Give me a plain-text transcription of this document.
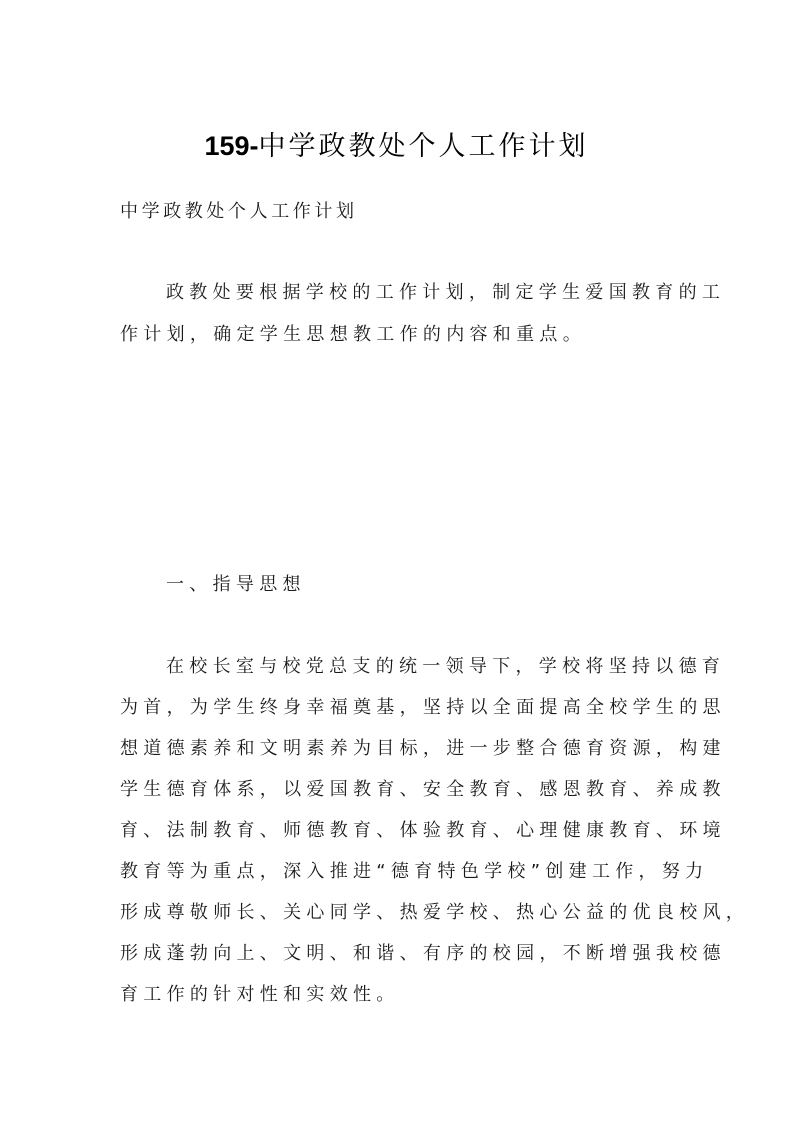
159-中学政教处个人工作计划
中学政教处个人工作计划
政教处要根据学校的工作计划，制定学生爱国教育的工
作计划，确定学生思想教工作的内容和重点。
一、指导思想
在校长室与校党总支的统一领导下，学校将坚持以德育
为首，为学生终身幸福奠基，坚持以全面提高全校学生的思
想道德素养和文明素养为目标，进一步整合德育资源，构建
学生德育体系，以爱国教育、安全教育、感恩教育、养成教
育、法制教育、师德教育、体验教育、心理健康教育、环境
教育等为重点，深入推进“德育特色学校”创建工作，努力
形成尊敬师长、关心同学、热爱学校、热心公益的优良校风，
形成蓬勃向上、文明、和谐、有序的校园，不断增强我校德
育工作的针对性和实效性。
